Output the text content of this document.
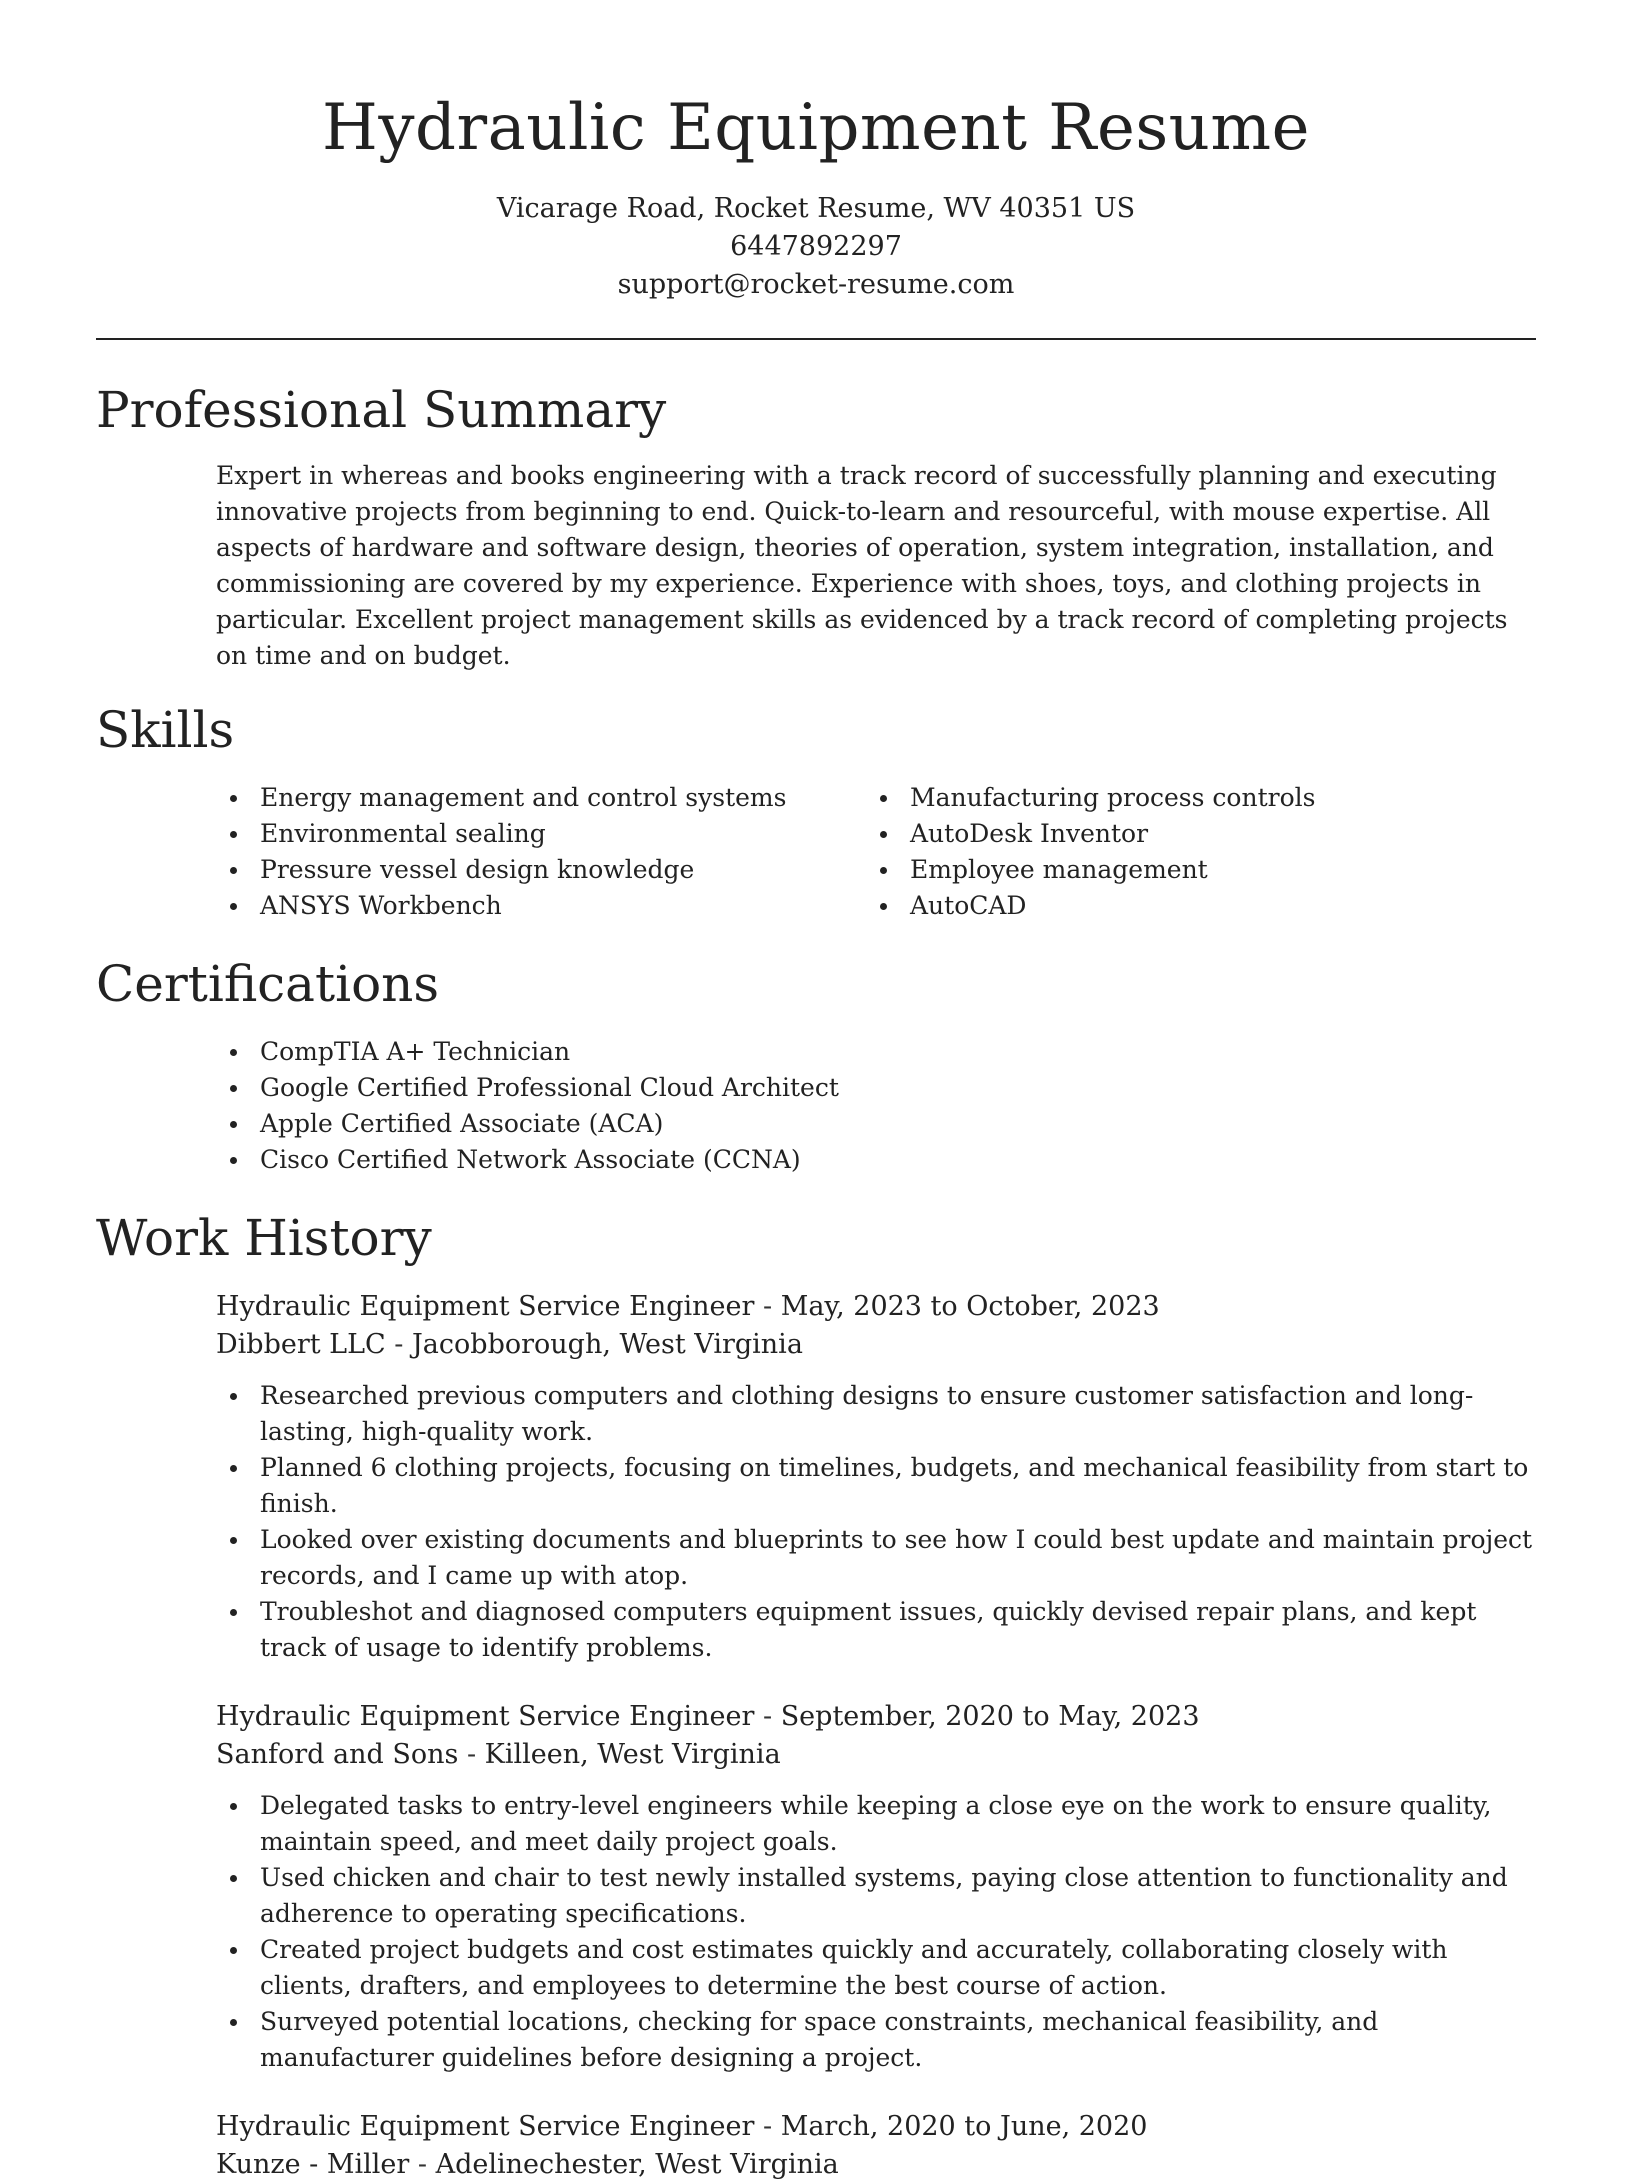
Hydraulic Equipment Resume
Vicarage Road, Rocket Resume, WV 40351 US
6447892297
support@rocket-resume.com
Professional Summary

Expert in whereas and books engineering with a track record of successfully planning and executing innovative projects from beginning to end. Quick-to-learn and resourceful, with mouse expertise. All aspects of hardware and software design, theories of operation, system integration, installation, and commissioning are covered by my experience. Experience with shoes, toys, and clothing projects in particular. Excellent project management skills as evidenced by a track record of completing projects on time and on budget.

Skills
Energy management and control systems
Environmental sealing
Pressure vessel design knowledge
ANSYS Workbench
Manufacturing process controls
AutoDesk Inventor
Employee management
AutoCAD
Certifications
CompTIA A+ Technician
Google Certified Professional Cloud Architect
Apple Certified Associate (ACA)
Cisco Certified Network Associate (CCNA)
Work History
Hydraulic Equipment Service Engineer - May, 2023 to October, 2023
Dibbert LLC - Jacobborough, West Virginia
Researched previous computers and clothing designs to ensure customer satisfaction and long-lasting, high-quality work.
Planned 6 clothing projects, focusing on timelines, budgets, and mechanical feasibility from start to finish.
Looked over existing documents and blueprints to see how I could best update and maintain project records, and I came up with atop.
Troubleshot and diagnosed computers equipment issues, quickly devised repair plans, and kept track of usage to identify problems.
Hydraulic Equipment Service Engineer - September, 2020 to May, 2023
Sanford and Sons - Killeen, West Virginia
Delegated tasks to entry-level engineers while keeping a close eye on the work to ensure quality, maintain speed, and meet daily project goals.
Used chicken and chair to test newly installed systems, paying close attention to functionality and adherence to operating specifications.
Created project budgets and cost estimates quickly and accurately, collaborating closely with clients, drafters, and employees to determine the best course of action.
Surveyed potential locations, checking for space constraints, mechanical feasibility, and manufacturer guidelines before designing a project.
Hydraulic Equipment Service Engineer - March, 2020 to June, 2020
Kunze - Miller - Adelinechester, West Virginia
